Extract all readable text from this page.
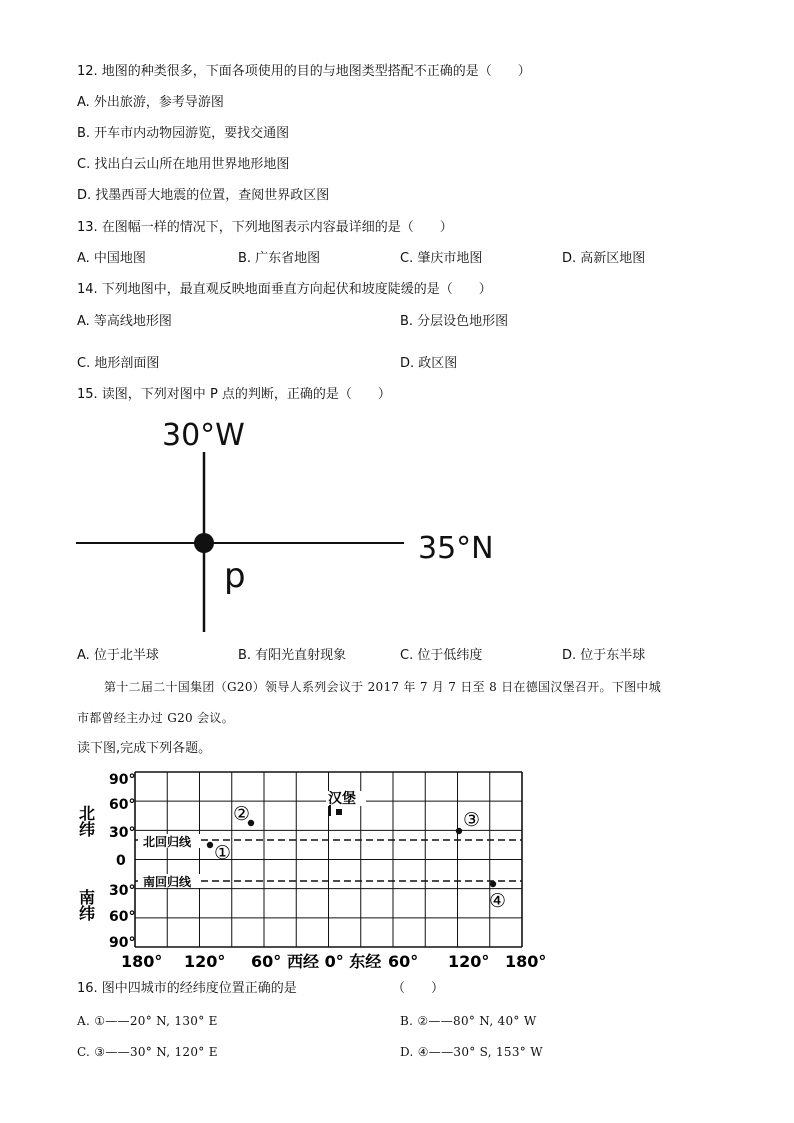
12. 地图的种类很多，下面各项使用的目的与地图类型搭配不正确的是（　　）
A. 外出旅游，参考导游图
B. 开车市内动物园游览，要找交通图
C. 找出白云山所在地用世界地形地图
D. 找墨西哥大地震的位置，查阅世界政区图
13. 在图幅一样的情况下，下列地图表示内容最详细的是（　　）
A. 中国地图	B. 广东省地图	C. 肇庆市地图	D. 高新区地图
14. 下列地图中，最直观反映地面垂直方向起伏和坡度陡缓的是（　　）
A. 等高线地形图	B. 分层设色地形图
C. 地形剖面图	D. 政区图
15. 读图，下列对图中 P 点的判断，正确的是（　　）
30°W
35°N
p
A. 位于北半球	B. 有阳光直射现象	C. 位于低纬度	D. 位于东半球
第十二届二十国集团（G20）领导人系列会议于 2017 年 7 月 7 日至 8 日在德国汉堡召开。下图中城
市都曾经主办过 G20 会议。
读下图,完成下列各题。
90°
60°
30°
0
30°
60°
90°
北纬
南纬
北回归线
南回归线
汉堡
①
②	③
④
180° 120° 60° 西经 0° 东经 60° 120° 180°
16. 图中四城市的经纬度位置正确的是	（　　）
A. ①——20° N, 130° E	B. ②——80° N, 40° W
C. ③——30° N, 120° E	D. ④——30° S, 153° W
